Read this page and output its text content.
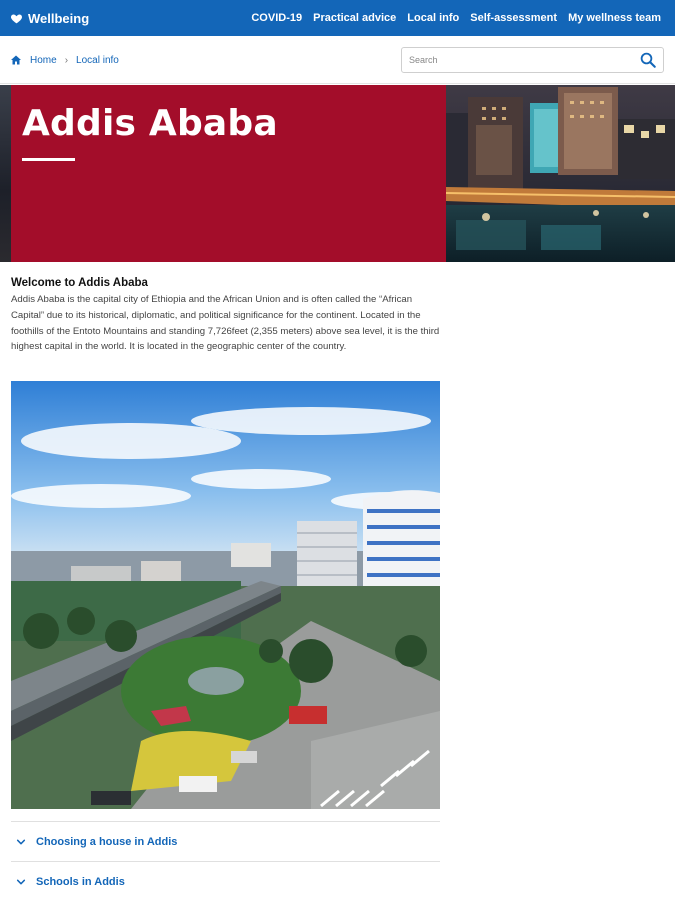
Wellbeing	COVID-19 Practical advice Local info Self-assessment My wellness team
Home › Local info
Search
Addis Ababa
Welcome to Addis Ababa

Addis Ababa is the capital city of Ethiopia and the African Union and is often called the “African Capital” due to its historical, diplomatic, and political significance for the continent. Located in the foothills of the Entoto Mountains and standing 7,726feet (2,355 meters) above sea level, it is the third highest capital in the world. It is located in the geographic center of the country.

Choosing a house in Addis
Schools in Addis
